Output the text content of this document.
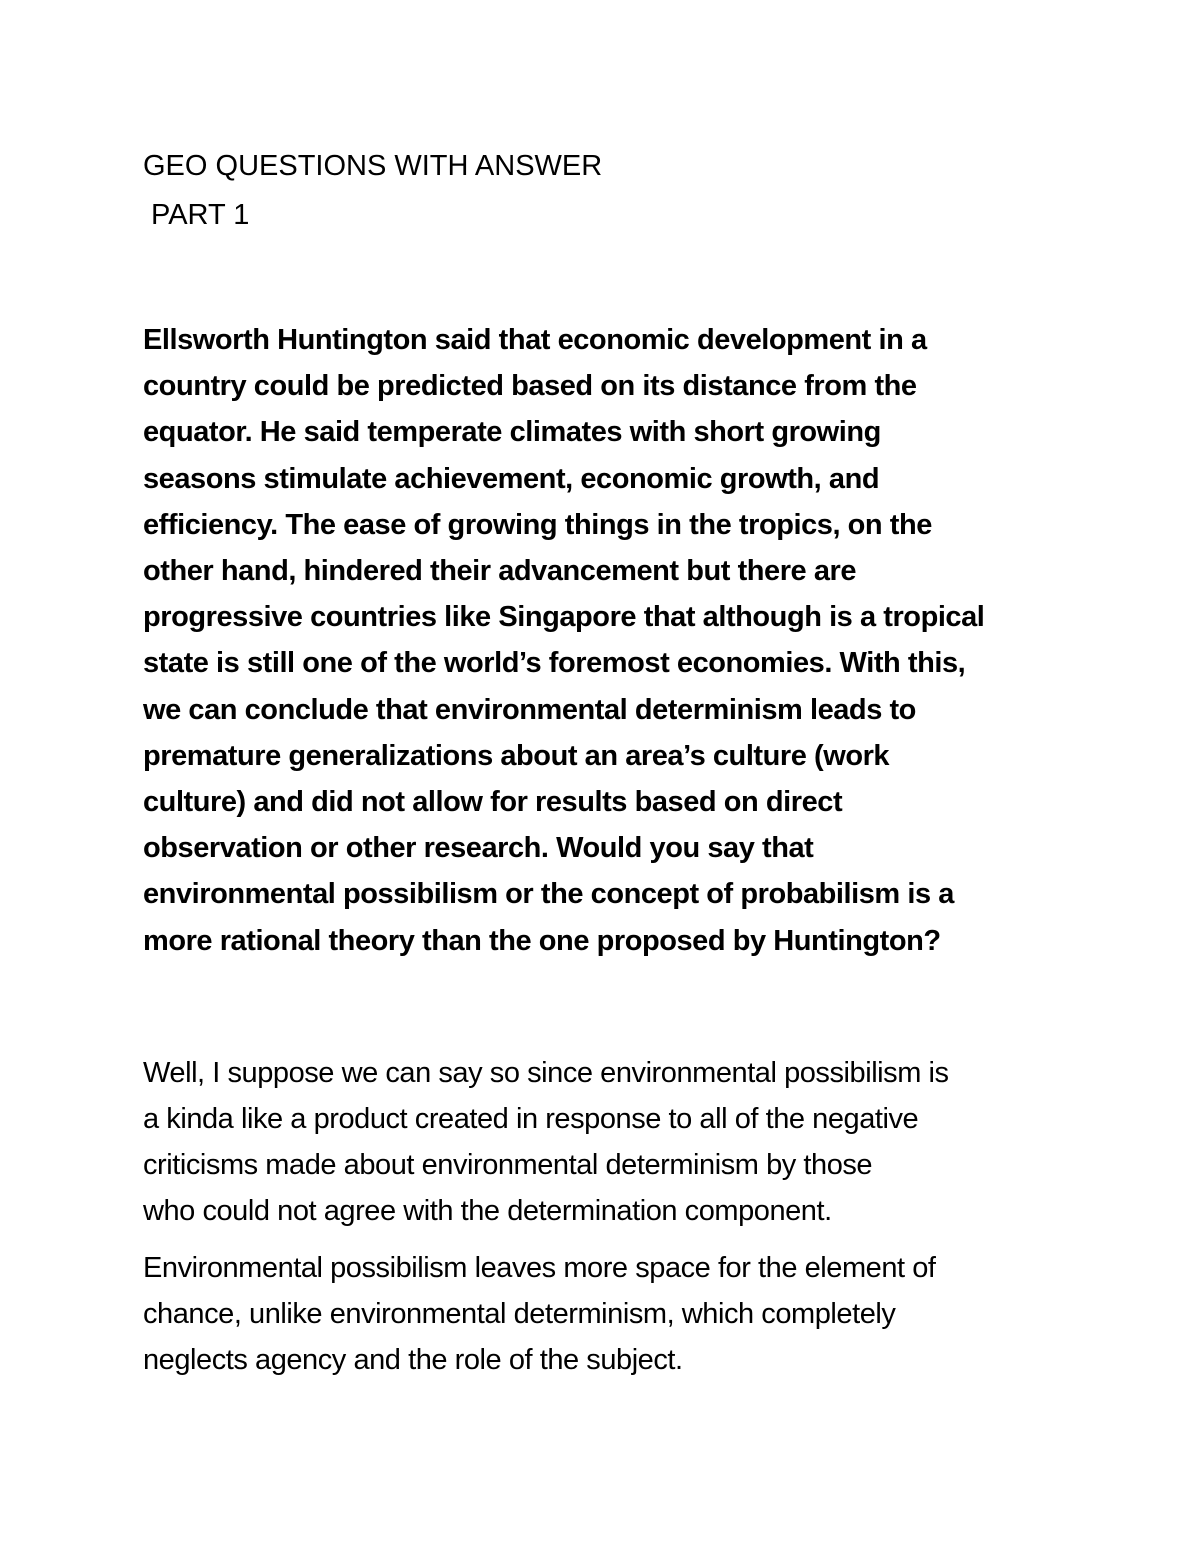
GEO QUESTIONS WITH ANSWER
PART 1

Ellsworth Huntington said that economic development in a
country could be predicted based on its distance from the
equator. He said temperate climates with short growing
seasons stimulate achievement, economic growth, and
efficiency. The ease of growing things in the tropics, on the
other hand, hindered their advancement but there are
progressive countries like Singapore that although is a tropical
state is still one of the world’s foremost economies. With this,
we can conclude that environmental determinism leads to
premature generalizations about an area’s culture (work
culture) and did not allow for results based on direct
observation or other research. Would you say that
environmental possibilism or the concept of probabilism is a
more rational theory than the one proposed by Huntington?

Well, I suppose we can say so since environmental possibilism is
a kinda like a product created in response to all of the negative
criticisms made about environmental determinism by those
who could not agree with the determination component.

Environmental possibilism leaves more space for the element of
chance, unlike environmental determinism, which completely
neglects agency and the role of the subject.
